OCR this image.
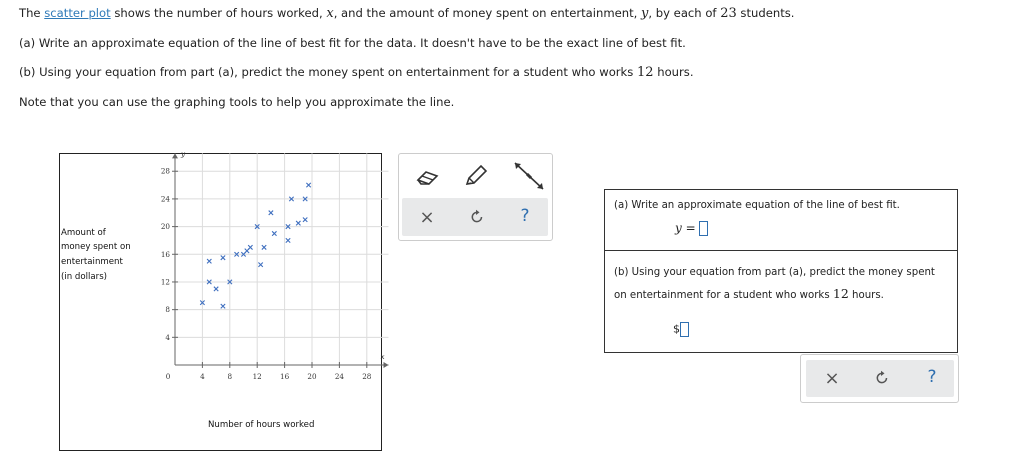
The scatter plot shows the number of hours worked, x, and the amount of money spent on entertainment, y, by each of 23 students.
(a) Write an approximate equation of the line of best fit for the data. It doesn't have to be the exact line of best fit.
(b) Using your equation from part (a), predict the money spent on entertainment for a student who works 12 hours.
Note that you can use the graphing tools to help you approximate the line.
Amount of
money spent on
entertainment
(in dollars)
4	8	12	16	20	24	28
4
8
12
16
20
24
28
0
x
y
Number of hours worked
×	?
(a) Write an approximate equation of the line of best fit.
y =
(b) Using your equation from part (a), predict the money spent
on entertainment for a student who works 12 hours.
$
×	?
